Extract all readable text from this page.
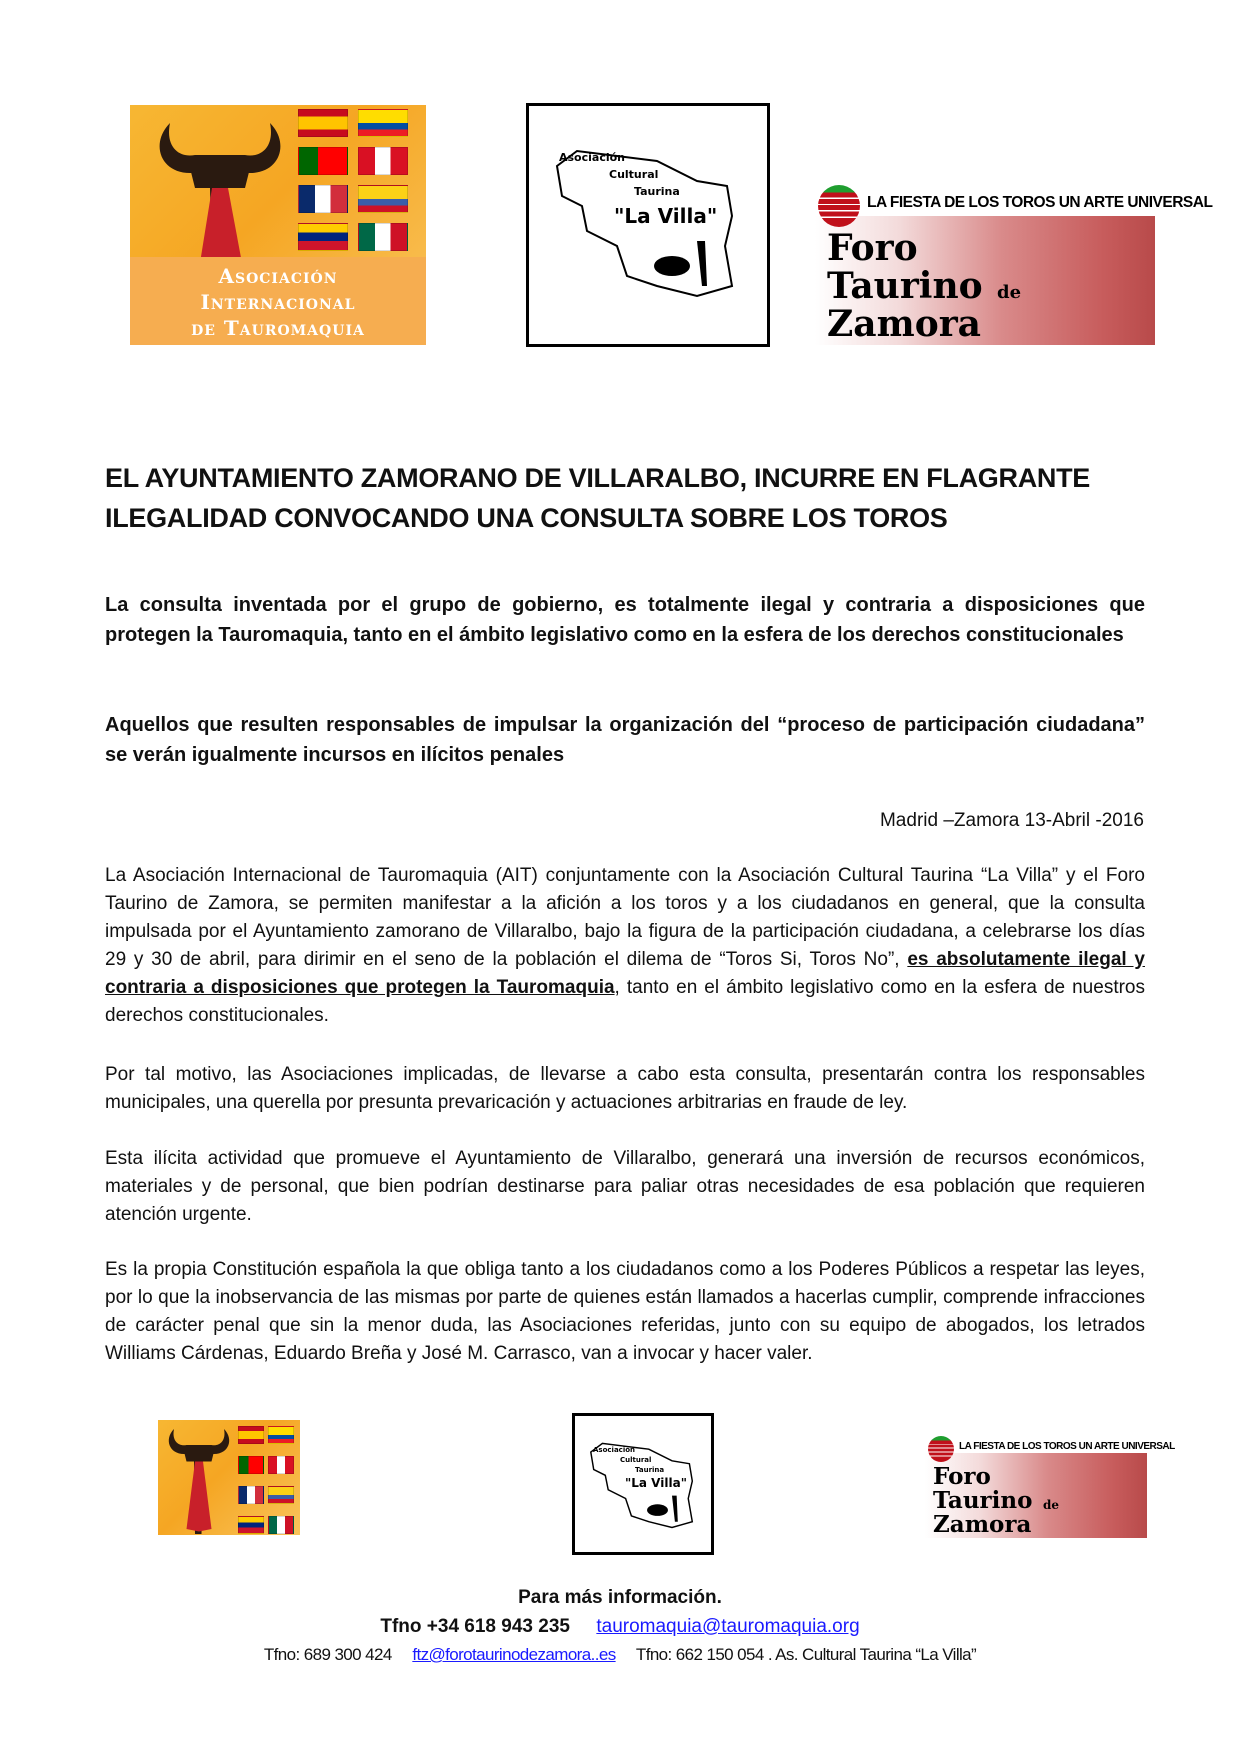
Asociación
Internacional
de Tauromaquia
Asociación
Cultural
Taurina
"La Villa"
LA FIESTA DE LOS TOROS UN ARTE UNIVERSAL
Foro
Taurino de
Zamora
EL AYUNTAMIENTO ZAMORANO DE VILLARALBO, INCURRE EN FLAGRANTE ILEGALIDAD CONVOCANDO UNA CONSULTA SOBRE LOS TOROS
La consulta inventada por el grupo de gobierno, es totalmente ilegal y contraria a disposiciones que protegen la Tauromaquia, tanto en el ámbito legislativo como en la esfera de los derechos constitucionales
Aquellos que resulten responsables de impulsar la organización del “proceso de participación ciudadana” se verán igualmente incursos en ilícitos penales
Madrid –Zamora 13-Abril -2016
La Asociación Internacional de Tauromaquia (AIT) conjuntamente con la Asociación Cultural Taurina “La Villa” y el Foro Taurino de Zamora, se permiten manifestar a la afición a los toros y a los ciudadanos en general, que la consulta impulsada por el Ayuntamiento zamorano de Villaralbo, bajo la figura de la participación ciudadana, a celebrarse los días 29 y 30 de abril, para dirimir en el seno de la población el dilema de “Toros Si, Toros No”, es absolutamente ilegal y contraria a disposiciones que protegen la Tauromaquia, tanto en el ámbito legislativo como en la esfera de nuestros derechos constitucionales.
Por tal motivo, las Asociaciones implicadas, de llevarse a cabo esta consulta, presentarán contra los responsables municipales, una querella por presunta prevaricación y actuaciones arbitrarias en fraude de ley.
Esta ilícita actividad que promueve el Ayuntamiento de Villaralbo, generará una inversión de recursos económicos, materiales y de personal, que bien podrían destinarse para paliar otras necesidades de esa población que requieren atención urgente.
Es la propia Constitución española la que obliga tanto a los ciudadanos como a los Poderes Públicos a respetar las leyes, por lo que la inobservancia de las mismas por parte de quienes están llamados a hacerlas cumplir, comprende infracciones de carácter penal que sin la menor duda, las Asociaciones referidas, junto con su equipo de abogados, los letrados Williams Cárdenas, Eduardo Breña y José M. Carrasco, van a invocar y hacer valer.
Asociación
Cultural
Taurina
"La Villa"
LA FIESTA DE LOS TOROS UN ARTE UNIVERSAL
Foro
Taurino de
Zamora
Para más información.
Tfno +34 618 943 235 tauromaquia@tauromaquia.org
Tfno: 689 300 424 ftz@forotaurinodezamora..es Tfno: 662 150 054 . As. Cultural Taurina “La Villa”
